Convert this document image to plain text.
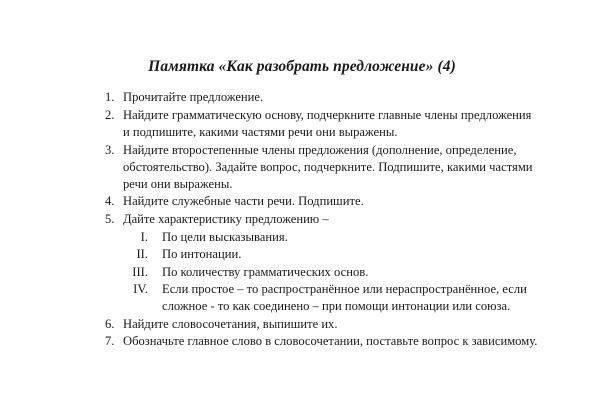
Памятка «Как разобрать предложение» (4)
1. Прочитайте предложение.
2. Найдите грамматическую основу, подчеркните главные члены предложения
и подпишите, какими частями речи они выражены.
3. Найдите второстепенные члены предложения (дополнение, определение,
обстоятельство). Задайте вопрос, подчеркните. Подпишите, какими частями
речи они выражены.
4. Найдите служебные части речи. Подпишите.
5. Дайте характеристику предложению –
I. По цели высказывания.
II. По интонации.
III. По количеству грамматических основ.
IV. Если простое – то распространённое или нераспространённое, если
сложное - то как соединено – при помощи интонации или союза.
6. Найдите словосочетания, выпишите их.
7. Обозначьте главное слово в словосочетании, поставьте вопрос к зависимому.
